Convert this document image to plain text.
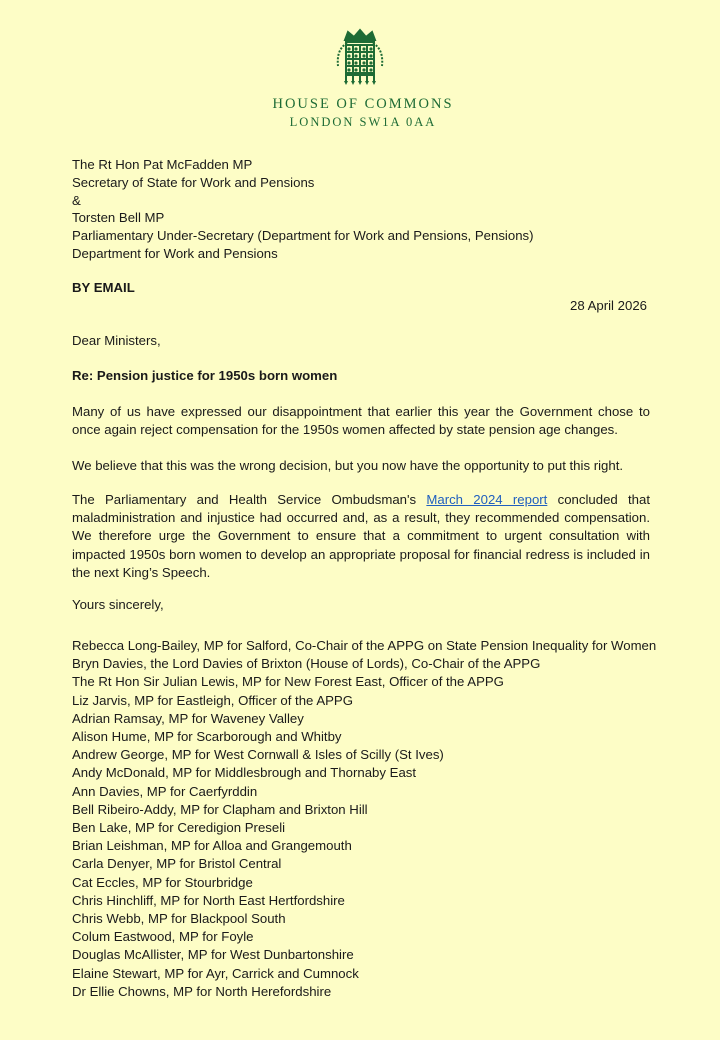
HOUSE OF COMMONS
LONDON SW1A 0AA
The Rt Hon Pat McFadden MP
Secretary of State for Work and Pensions
&
Torsten Bell MP
Parliamentary Under-Secretary (Department for Work and Pensions, Pensions)
Department for Work and Pensions
BY EMAIL
28 April 2026
Dear Ministers,
Re: Pension justice for 1950s born women
Many of us have expressed our disappointment that earlier this year the Government chose to once again reject compensation for the 1950s women affected by state pension age changes.
We believe that this was the wrong decision, but you now have the opportunity to put this right.
The Parliamentary and Health Service Ombudsman's March 2024 report concluded that maladministration and injustice had occurred and, as a result, they recommended compensation. We therefore urge the Government to ensure that a commitment to urgent consultation with impacted 1950s born women to develop an appropriate proposal for financial redress is included in the next King’s Speech.
Yours sincerely,
Rebecca Long-Bailey, MP for Salford, Co-Chair of the APPG on State Pension Inequality for Women
Bryn Davies, the Lord Davies of Brixton (House of Lords), Co-Chair of the APPG
The Rt Hon Sir Julian Lewis, MP for New Forest East, Officer of the APPG
Liz Jarvis, MP for Eastleigh, Officer of the APPG
Adrian Ramsay, MP for Waveney Valley
Alison Hume, MP for Scarborough and Whitby
Andrew George, MP for West Cornwall & Isles of Scilly (St Ives)
Andy McDonald, MP for Middlesbrough and Thornaby East
Ann Davies, MP for Caerfyrddin
Bell Ribeiro-Addy, MP for Clapham and Brixton Hill
Ben Lake, MP for Ceredigion Preseli
Brian Leishman, MP for Alloa and Grangemouth
Carla Denyer, MP for Bristol Central
Cat Eccles, MP for Stourbridge
Chris Hinchliff, MP for North East Hertfordshire
Chris Webb, MP for Blackpool South
Colum Eastwood, MP for Foyle
Douglas McAllister, MP for West Dunbartonshire
Elaine Stewart, MP for Ayr, Carrick and Cumnock
Dr Ellie Chowns, MP for North Herefordshire
